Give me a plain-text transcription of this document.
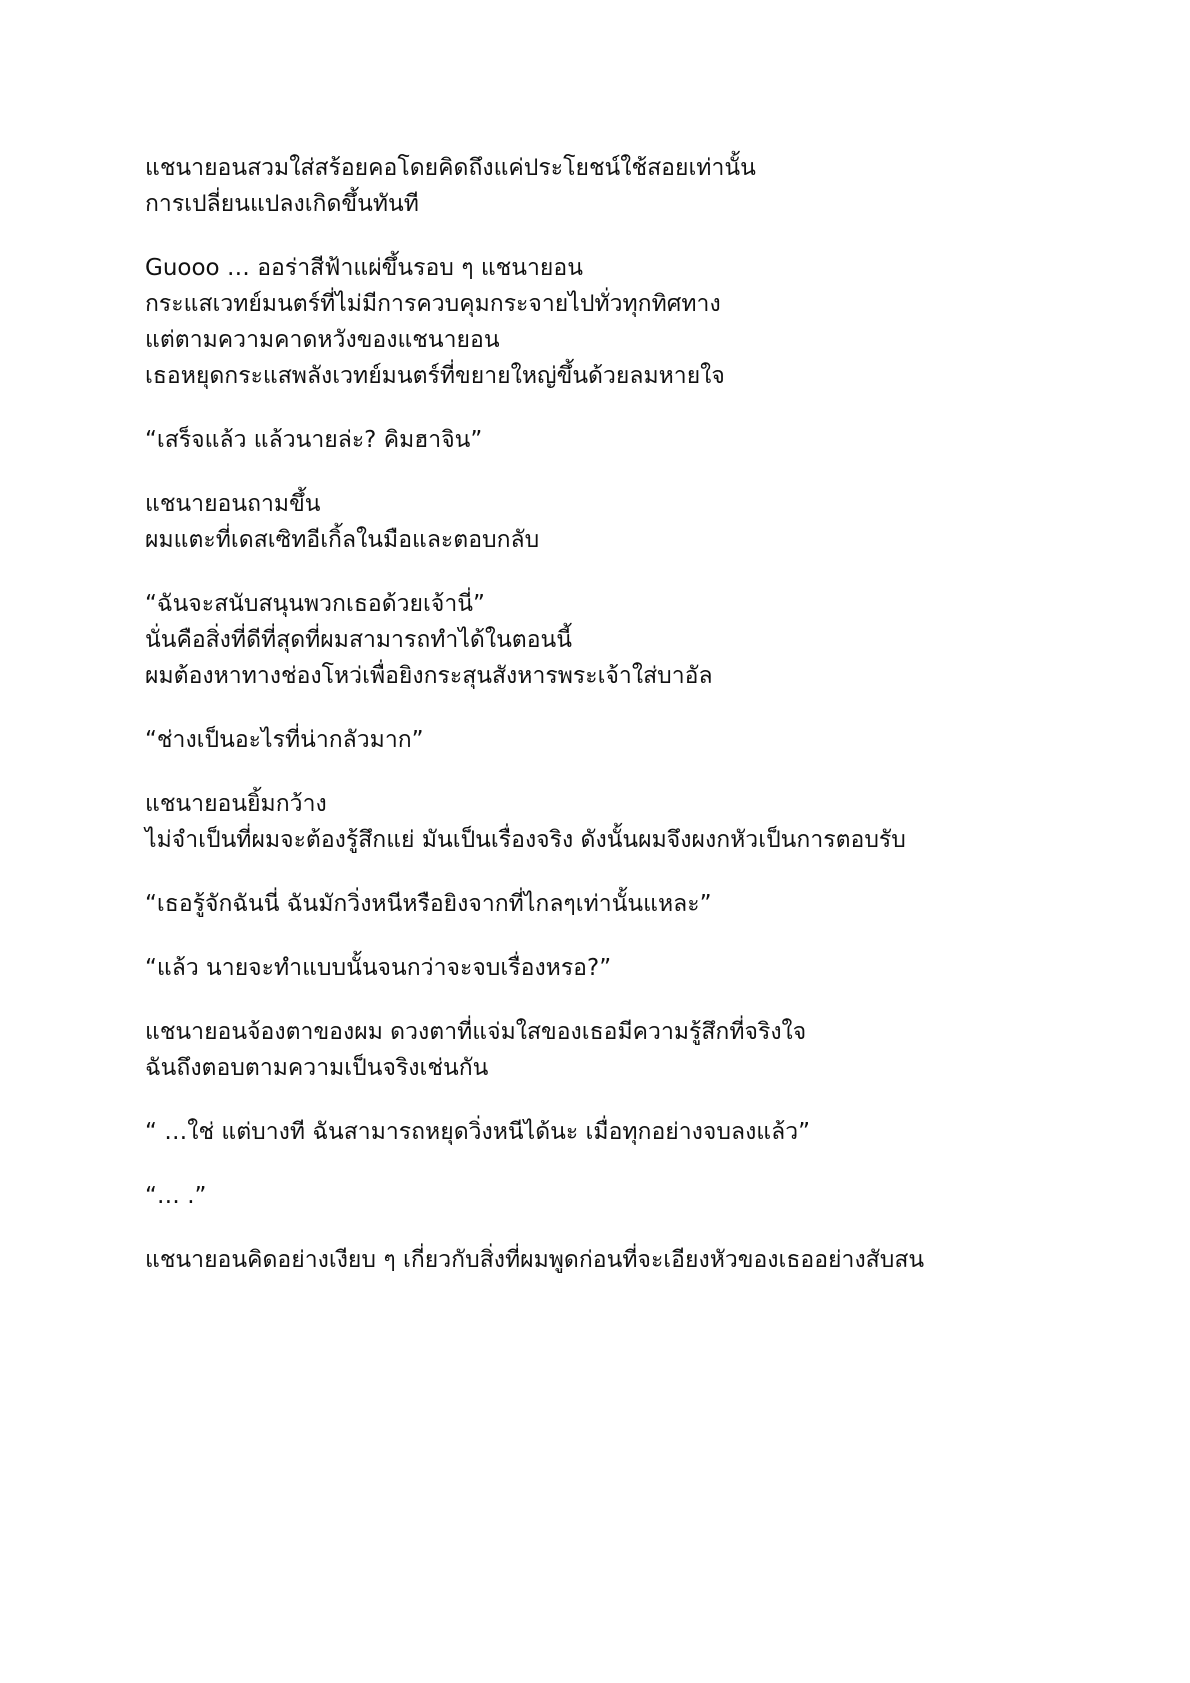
แชนายอนสวมใส่สร้อยคอโดยคิดถึงแค่ประโยชน์ใช้สอยเท่านั้น
การเปลี่ยนแปลงเกิดขึ้นทันที

Guooo … ออร่าสีฟ้าแผ่ขึ้นรอบ ๆ แชนายอน
กระแสเวทย์มนตร์ที่ไม่มีการควบคุมกระจายไปทั่วทุกทิศทาง
แต่ตามความคาดหวังของแชนายอน
เธอหยุดกระแสพลังเวทย์มนตร์ที่ขยายใหญ่ขึ้นด้วยลมหายใจ

“เสร็จแล้ว แล้วนายล่ะ? คิมฮาจิน”

แชนายอนถามขึ้น
ผมแตะที่เดสเซิทอีเกิ้ลในมือและตอบกลับ

“ฉันจะสนับสนุนพวกเธอด้วยเจ้านี่”
นั่นคือสิ่งที่ดีที่สุดที่ผมสามารถทำได้ในตอนนี้
ผมต้องหาทางช่องโหว่เพื่อยิงกระสุนสังหารพระเจ้าใส่บาอัล

“ช่างเป็นอะไรที่น่ากลัวมาก”

แชนายอนยิ้มกว้าง
ไม่จำเป็นที่ผมจะต้องรู้สึกแย่ มันเป็นเรื่องจริง ดังนั้นผมจึงผงกหัวเป็นการตอบรับ

“เธอรู้จักฉันนี่ ฉันมักวิ่งหนีหรือยิงจากที่ไกลๆเท่านั้นแหละ”

“แล้ว นายจะทำแบบนั้นจนกว่าจะจบเรื่องหรอ?”

แชนายอนจ้องตาของผม ดวงตาที่แจ่มใสของเธอมีความรู้สึกที่จริงใจ
ฉันถึงตอบตามความเป็นจริงเช่นกัน

“ …ใช่ แต่บางที ฉันสามารถหยุดวิ่งหนีได้นะ เมื่อทุกอย่างจบลงแล้ว”

“… .”

แชนายอนคิดอย่างเงียบ ๆ เกี่ยวกับสิ่งที่ผมพูดก่อนที่จะเอียงหัวของเธออย่างสับสน
